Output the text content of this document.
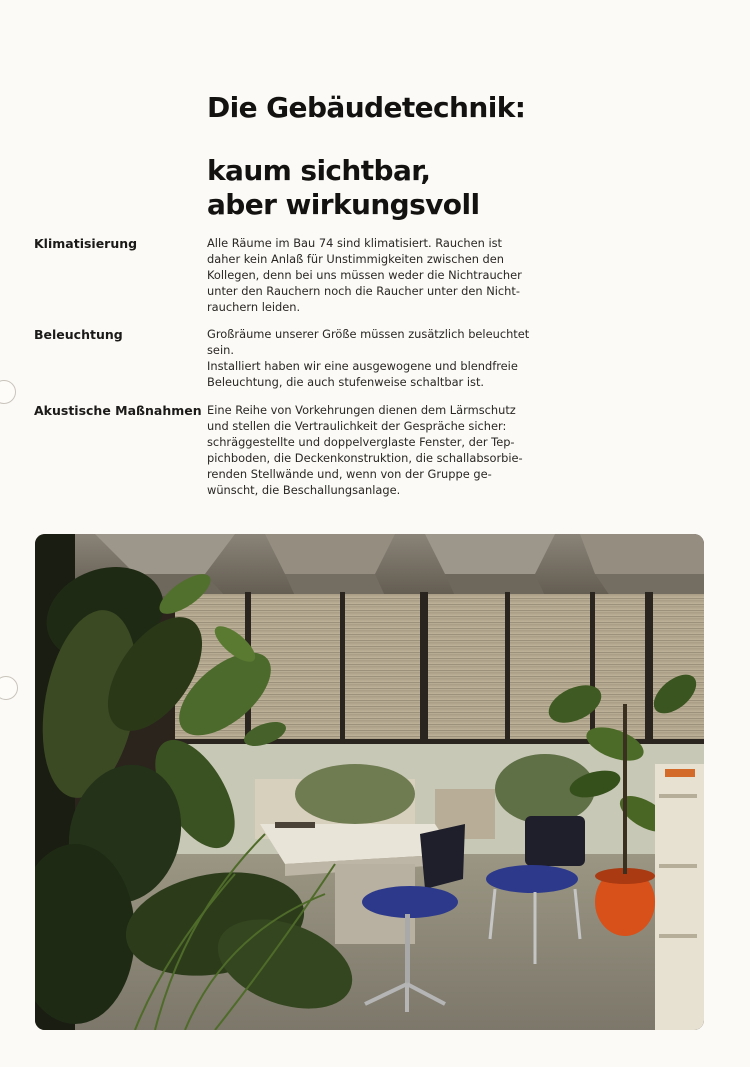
Die Gebäudetechnik:
kaum sichtbar,
aber wirkungsvoll
Klimatisierung	Alle Räume im Bau 74 sind klimatisiert. Rauchen ist
daher kein Anlaß für Unstimmigkeiten zwischen den
Kollegen, denn bei uns müssen weder die Nichtraucher
unter den Rauchern noch die Raucher unter den Nicht-
rauchern leiden.
Beleuchtung	Großräume unserer Größe müssen zusätzlich beleuchtet
sein.
Installiert haben wir eine ausgewogene und blendfreie
Beleuchtung, die auch stufenweise schaltbar ist.
Akustische Maßnahmen Eine Reihe von Vorkehrungen dienen dem Lärmschutz
und stellen die Vertraulichkeit der Gespräche sicher:
schräggestellte und doppelverglaste Fenster, der Tep-
pichboden, die Deckenkonstruktion, die schallabsorbie-
renden Stellwände und, wenn von der Gruppe ge-
wünscht, die Beschallungsanlage.
